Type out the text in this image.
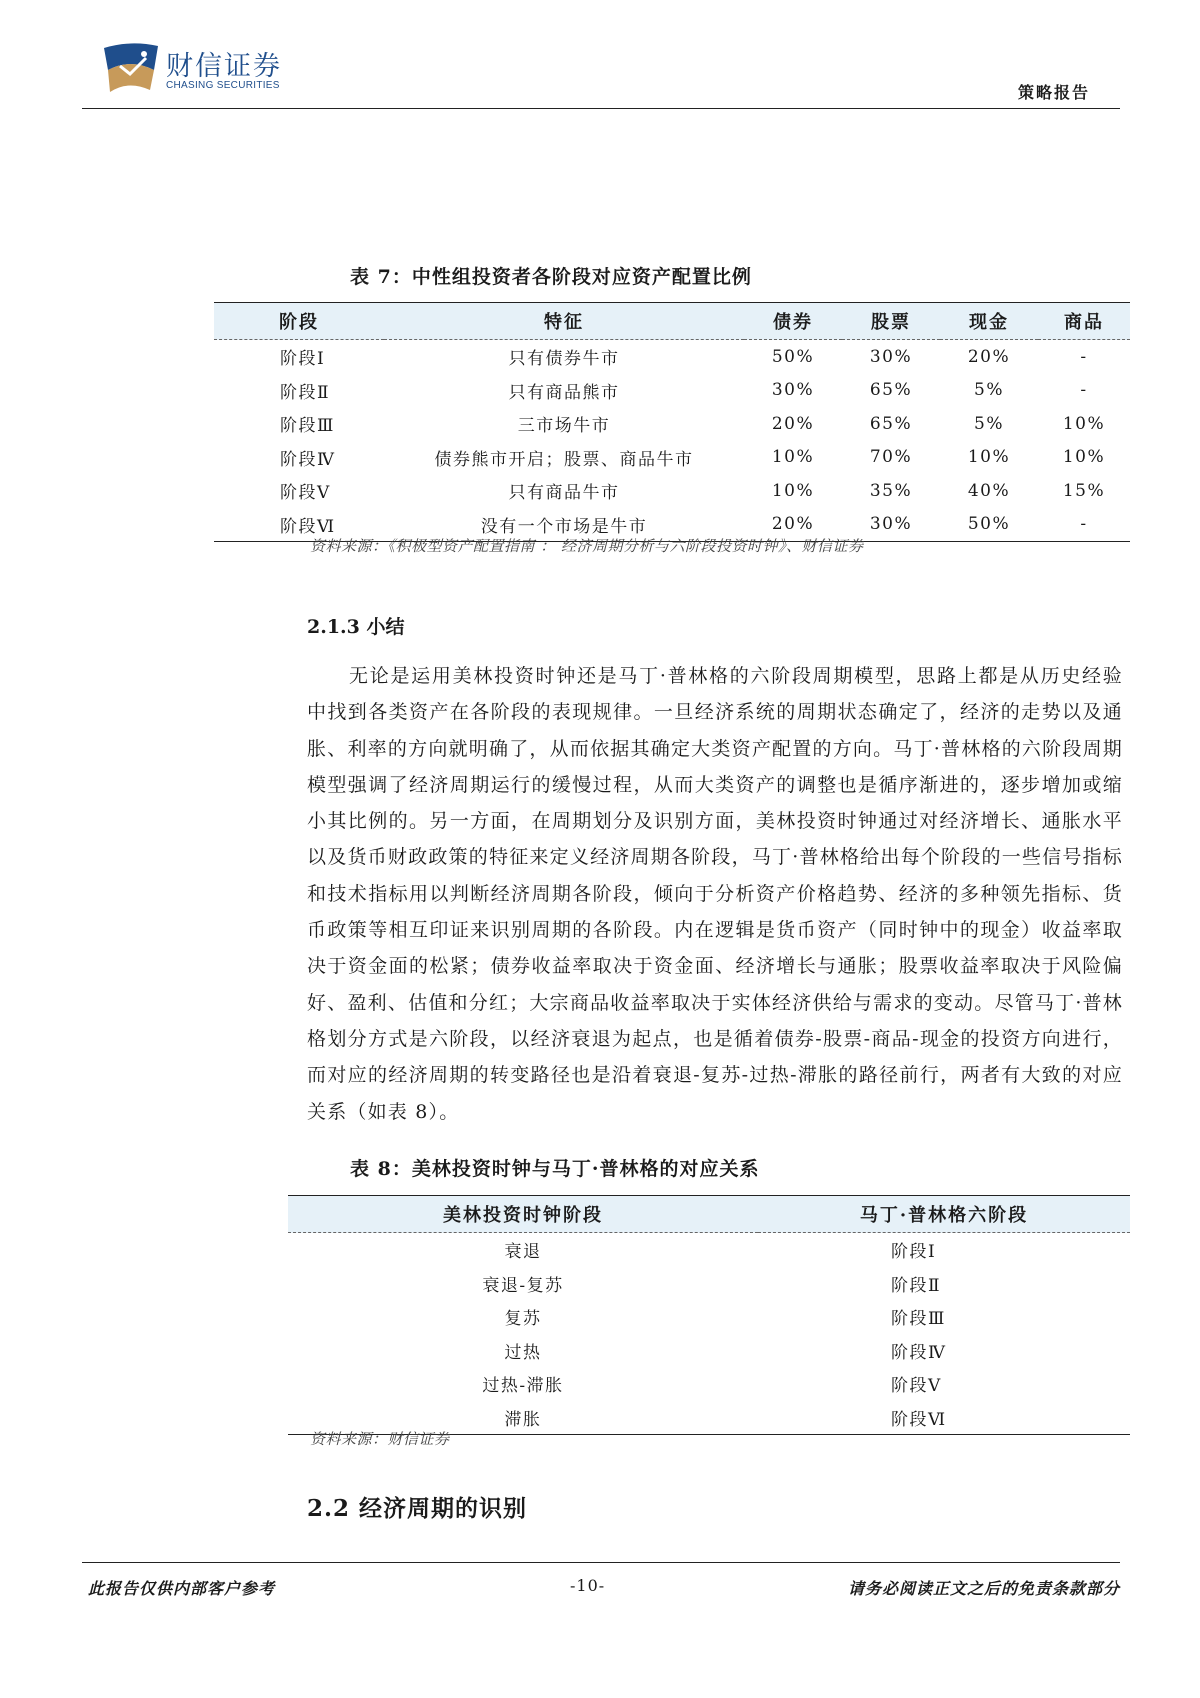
财信证券
CHASING SECURITIES	策略报告
表 7：中性组投资者各阶段对应资产配置比例
阶段	特征	债券	股票	现金	商品
阶段Ⅰ	只有债券牛市	50%	30%	20%	-
阶段Ⅱ	只有商品熊市	30%	65%	5%	-
阶段Ⅲ	三市场牛市	20%	65%	5%	10%
阶段Ⅳ	债券熊市开启；股票、商品牛市	10%	70%	10%	10%
阶段Ⅴ	只有商品牛市	10%	35%	40%	15%
阶段Ⅵ	没有一个市场是牛市	20%	30%	50%	-
资料来源：《积极型资产配置指南 ： 经济周期分析与六阶段投资时钟》、财信证券
2.1.3 小结

无论是运用美林投资时钟还是马丁·普林格的六阶段周期模型，思路上都是从历史经验中找到各类资产在各阶段的表现规律。一旦经济系统的周期状态确定了，经济的走势以及通胀、利率的方向就明确了，从而依据其确定大类资产配置的方向。马丁·普林格的六阶段周期模型强调了经济周期运行的缓慢过程，从而大类资产的调整也是循序渐进的，逐步增加或缩小其比例的。另一方面，在周期划分及识别方面，美林投资时钟通过对经济增长、通胀水平以及货币财政政策的特征来定义经济周期各阶段，马丁·普林格给出每个阶段的一些信号指标和技术指标用以判断经济周期各阶段，倾向于分析资产价格趋势、经济的多种领先指标、货币政策等相互印证来识别周期的各阶段。内在逻辑是货币资产（同时钟中的现金）收益率取决于资金面的松紧；债券收益率取决于资金面、经济增长与通胀；股票收益率取决于风险偏好、盈利、估值和分红；大宗商品收益率取决于实体经济供给与需求的变动。尽管马丁·普林格划分方式是六阶段，以经济衰退为起点，也是循着债券-股票-商品-现金的投资方向进行，而对应的经济周期的转变路径也是沿着衰退-复苏-过热-滞胀的路径前行，两者有大致的对应关系（如表 8）。

表 8：美林投资时钟与马丁·普林格的对应关系
美林投资时钟阶段	马丁·普林格六阶段
衰退	阶段Ⅰ
衰退-复苏	阶段Ⅱ
复苏	阶段Ⅲ
过热	阶段Ⅳ
过热-滞胀	阶段Ⅴ
滞胀	阶段Ⅵ
资料来源：财信证券
2.2 经济周期的识别
此报告仅供内部客户参考	-10-	请务必阅读正文之后的免责条款部分
